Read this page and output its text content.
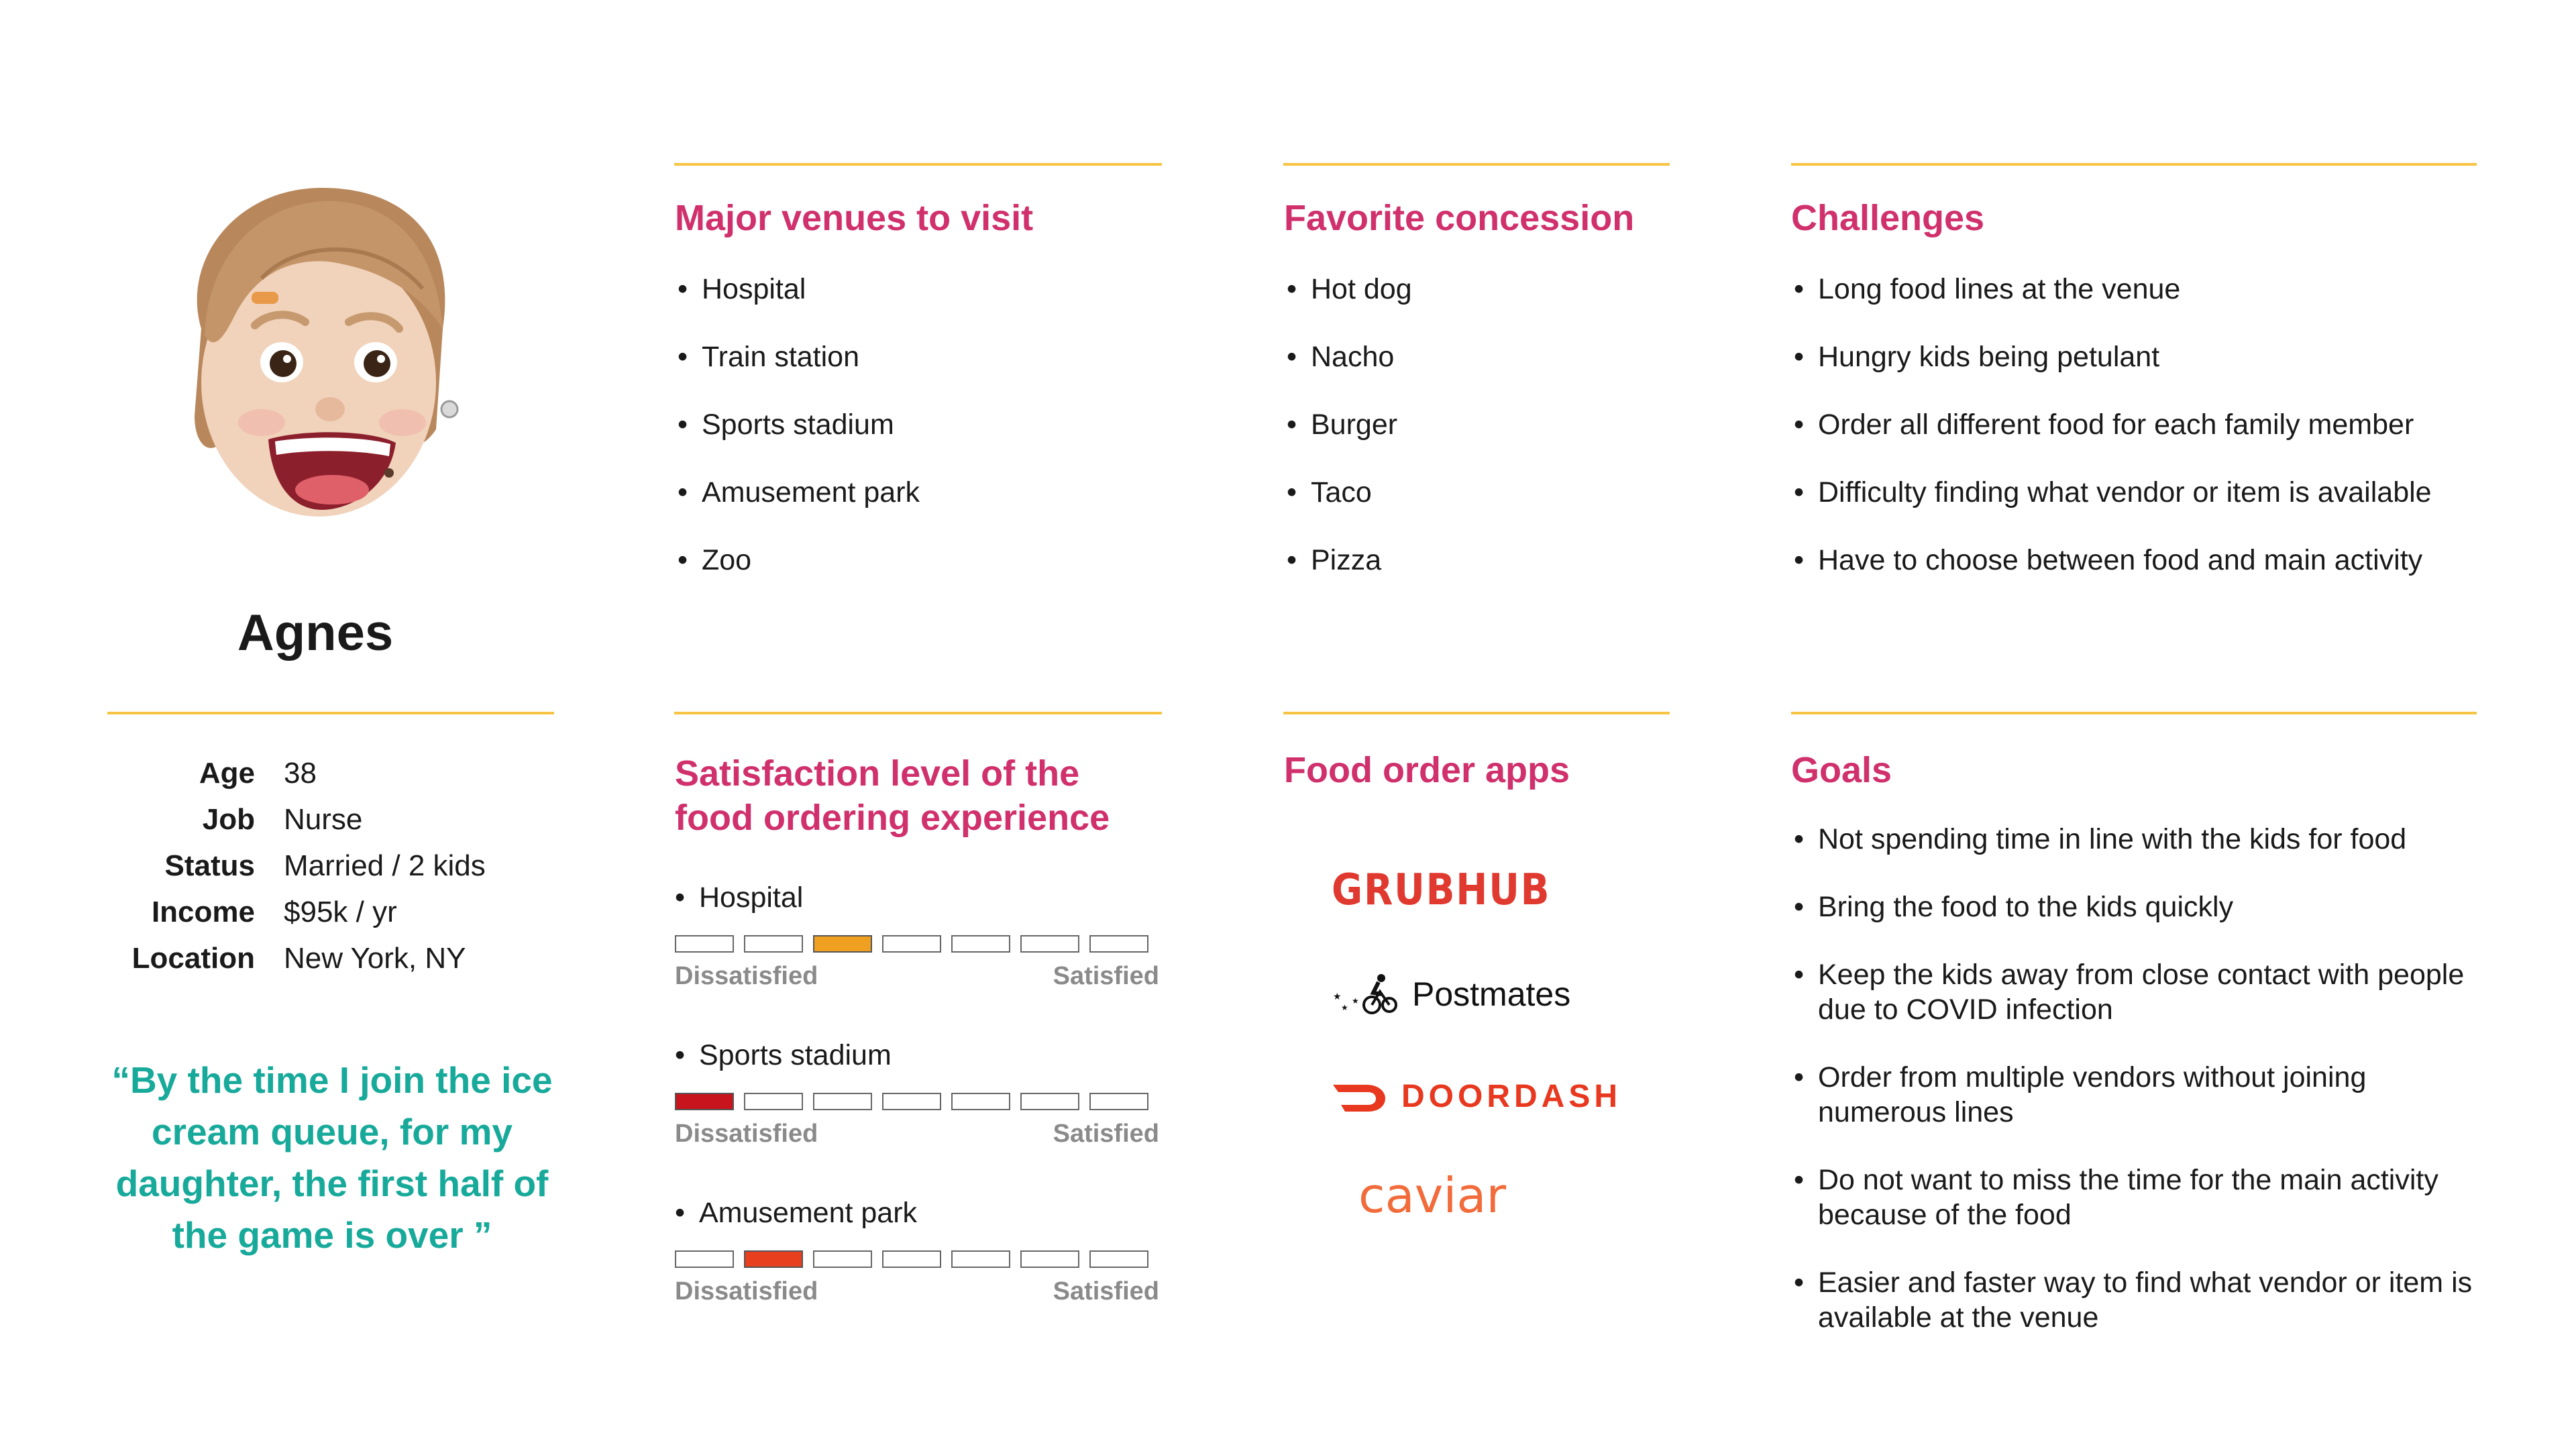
Agnes
Age	38
Job	Nurse
Status	Married / 2 kids
Income	$95k / yr
Location	New York, NY
“By the time I join the ice cream queue, for my daughter, the first half of the game is over ”
Major venues to visit
• Hospital
• Train station
• Sports stadium
• Amusement park
• Zoo
Favorite concession
• Hot dog
• Nacho
• Burger
• Taco
• Pizza
Challenges
• Long food lines at the venue
• Hungry kids being petulant
• Order all different food for each family member
• Difficulty finding what vendor or item is available
• Have to choose between food and main activity
Satisfaction level of the food ordering experience
• Hospital
Dissatisfied	Satisfied
• Sports stadium
Dissatisfied	Satisfied
• Amusement park
Dissatisfied	Satisfied
Food order apps
GRUBHUB
★
★
★ Postmates
DOORDASH
caviar
Goals
• Not spending time in line with the kids for food
• Bring the food to the kids quickly
• Keep the kids away from close contact with people due to COVID infection
• Order from multiple vendors without joining numerous lines
• Do not want to miss the time for the main activity because of the food
• Easier and faster way to find what vendor or item is available at the venue
